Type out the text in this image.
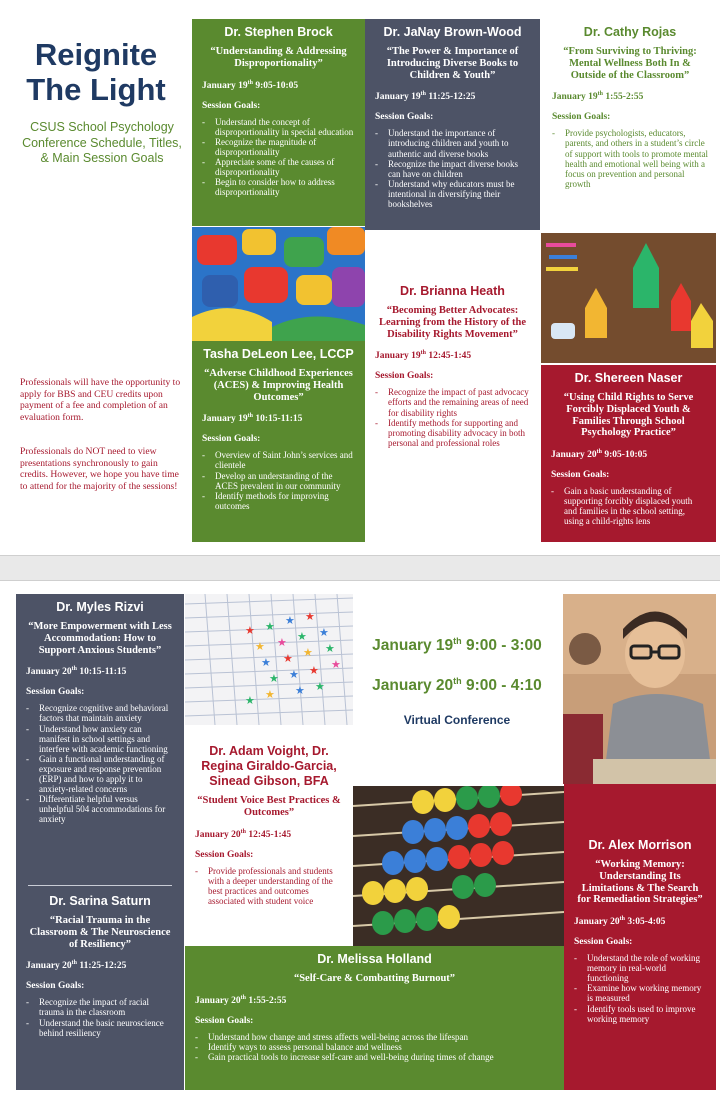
Reignite
The Light
CSUS School Psychology Conference Schedule, Titles, & Main Session Goals
Professionals will have the opportunity to apply for BBS and CEU credits upon payment of a fee and completion of an evaluation form.
Professionals do NOT need to view presentations synchronously to gain credits. However, we hope you have time to attend for the majority of the sessions!
Dr. Stephen Brock
“Understanding & Addressing Disproportionality”
January 19th 9:05-10:05
Session Goals:
- Understand the concept of disproportionality in special education
- Recognize the magnitude of disproportionality
- Appreciate some of the causes of disproportionality
- Begin to consider how to address disproportionality
Dr. JaNay Brown-Wood
“The Power & Importance of Introducing Diverse Books to Children & Youth”
January 19th 11:25-12:25
Session Goals:
- Understand the importance of introducing children and youth to authentic and diverse books
- Recognize the impact diverse books can have on children
- Understand why educators must be intentional in diversifying their bookshelves
Dr. Cathy Rojas
“From Surviving to Thriving: Mental Wellness Both In & Outside of the Classroom”
January 19th 1:55-2:55
Session Goals:
- Provide psychologists, educators, parents, and others in a student’s circle of support with tools to promote mental health and emotional well being with a focus on prevention and personal growth
Dr. Brianna Heath
“Becoming Better Advocates: Learning from the History of the Disability Rights Movement”
January 19th 12:45-1:45
Session Goals:
- Recognize the impact of past advocacy efforts and the remaining areas of need for disability rights
- Identify methods for supporting and promoting disability advocacy in both personal and professional roles
Tasha DeLeon Lee, LCCP
“Adverse Childhood Experiences (ACES) & Improving Health Outcomes”
January 19th 10:15-11:15
Session Goals:
- Overview of Saint John’s services and clientele
- Develop an understanding of the ACES prevalent in our community
- Identify methods for improving outcomes
Dr. Shereen Naser
“Using Child Rights to Serve Forcibly Displaced Youth & Families Through School Psychology Practice”
January 20th 9:05-10:05
Session Goals:
- Gain a basic understanding of supporting forcibly displaced youth and families in the school setting, using a child-rights lens
Dr. Myles Rizvi
“More Empowerment with Less Accommodation: How to Support Anxious Students”
January 20th 10:15-11:15
Session Goals:
- Recognize cognitive and behavioral factors that maintain anxiety
- Understand how anxiety can manifest in school settings and interfere with academic functioning
- Gain a functional understanding of exposure and response prevention (ERP) and how to apply it to anxiety-related concerns
- Differentiate helpful versus unhelpful 504 accommodations for anxiety
Dr. Sarina Saturn
“Racial Trauma in the Classroom & The Neuroscience of Resiliency”
January 20th 11:25-12:25
Session Goals:
- Recognize the impact of racial trauma in the classroom
- Understand the basic neuroscience behind resiliency
★ ★ ★ ★
★ ★ ★ ★
★ ★ ★ ★
★ ★ ★ ★
★ ★ ★ ★
January 19th 9:00 - 3:00
January 20th 9:00 - 4:10
Virtual Conference
Dr. Adam Voight, Dr. Regina Giraldo-Garcia, Sinead Gibson, BFA
“Student Voice Best Practices & Outcomes”
January 20th 12:45-1:45
Session Goals:
- Provide professionals and students with a deeper understanding of the best practices and outcomes associated with student voice
Dr. Alex Morrison
“Working Memory: Understanding Its Limitations & The Search for Remediation Strategies”
January 20th 3:05-4:05
Session Goals:
- Understand the role of working memory in real-world functioning
- Examine how working memory is measured
- Identify tools used to improve working memory
Dr. Melissa Holland
“Self-Care & Combatting Burnout”
January 20th 1:55-2:55
Session Goals:
- Understand how change and stress affects well-being across the lifespan
- Identify ways to assess personal balance and wellness
- Gain practical tools to increase self-care and well-being during times of change
